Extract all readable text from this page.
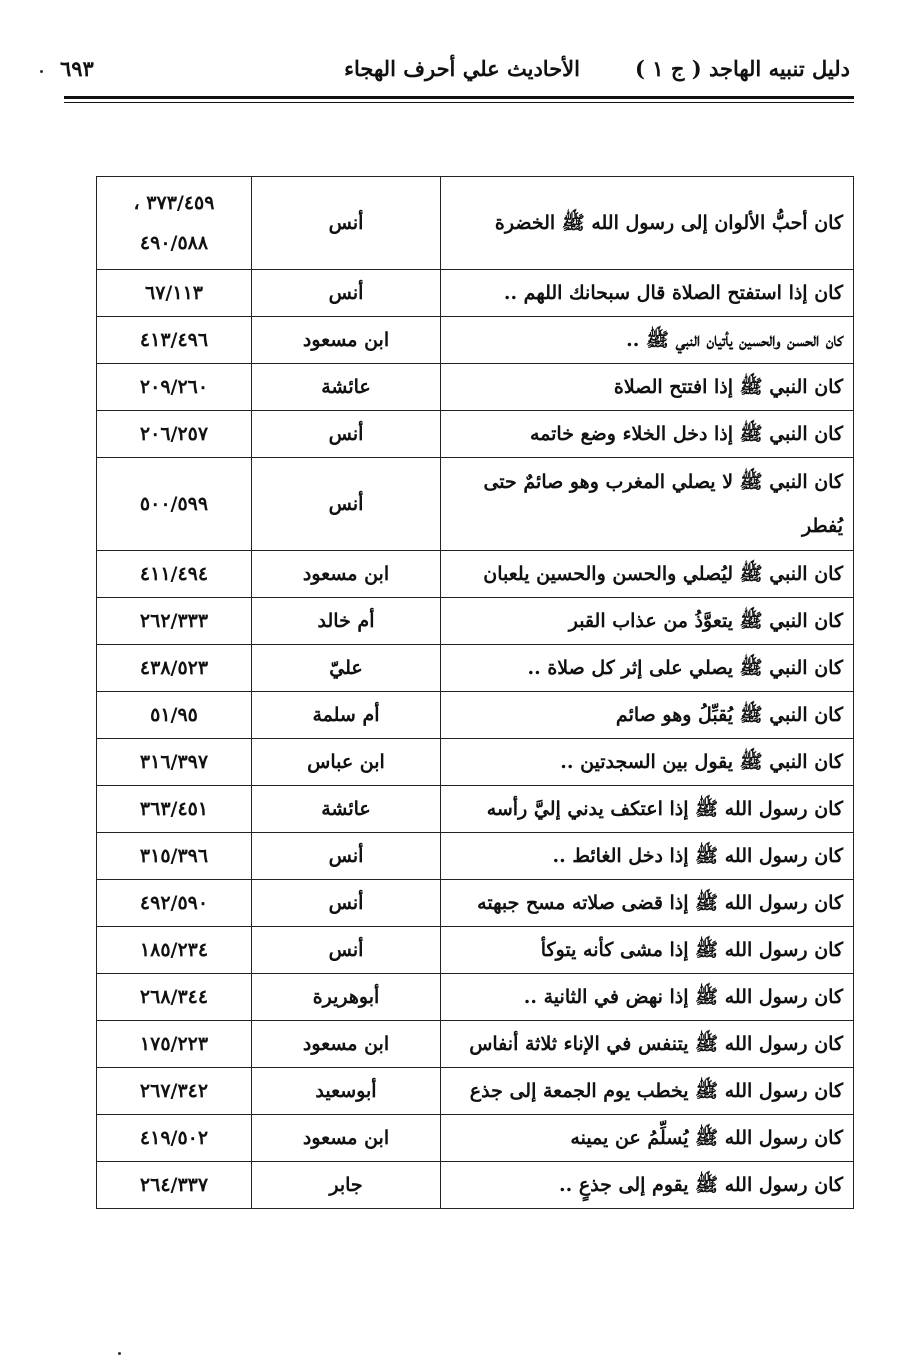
دليل تنبيه الهاجد ( ج ١ )
الأحاديث علي أحرف الهجاء
٦٩٣
كان أحبُّ الألوان إلى رسول الله ﷺ الخضرة	أنس	٣٧٣/٤٥٩ ،
٤٩٠/٥٨٨

كان إذا استفتح الصلاة قال سبحانك اللهم ..	أنس	٦٧/١١٣

كان الحسن والحسين يأتيان النبي ﷺ ..	ابن مسعود	٤١٣/٤٩٦

كان النبي ﷺ إذا افتتح الصلاة	عائشة	٢٠٩/٢٦٠

كان النبي ﷺ إذا دخل الخلاء وضع خاتمه	أنس	٢٠٦/٢٥٧

كان النبي ﷺ لا يصلي المغرب وهو صائمٌ حتى يُفطر	أنس	٥٠٠/٥٩٩

كان النبي ﷺ ليُصلي والحسن والحسين يلعبان	ابن مسعود	٤١١/٤٩٤

كان النبي ﷺ يتعوَّذُ من عذاب القبر	أم خالد	٢٦٢/٣٣٣

كان النبي ﷺ يصلي على إثر كل صلاة ..	عليّ	٤٣٨/٥٢٣

كان النبي ﷺ يُقبِّلُ وهو صائم	أم سلمة	٥١/٩٥

كان النبي ﷺ يقول بين السجدتين ..	ابن عباس	٣١٦/٣٩٧

كان رسول الله ﷺ إذا اعتكف يدني إليَّ رأسه	عائشة	٣٦٣/٤٥١

كان رسول الله ﷺ إذا دخل الغائط ..	أنس	٣١٥/٣٩٦

كان رسول الله ﷺ إذا قضى صلاته مسح جبهته	أنس	٤٩٢/٥٩٠

كان رسول الله ﷺ إذا مشى كأنه يتوكأ	أنس	١٨٥/٢٣٤

كان رسول الله ﷺ إذا نهض في الثانية ..	أبوهريرة	٢٦٨/٣٤٤

كان رسول الله ﷺ يتنفس في الإناء ثلاثة أنفاس	ابن مسعود	١٧٥/٢٢٣

كان رسول الله ﷺ يخطب يوم الجمعة إلى جذع	أبوسعيد	٢٦٧/٣٤٢

كان رسول الله ﷺ يُسلِّمُ عن يمينه	ابن مسعود	٤١٩/٥٠٢

كان رسول الله ﷺ يقوم إلى جذعٍ ..	جابر	٢٦٤/٣٣٧
